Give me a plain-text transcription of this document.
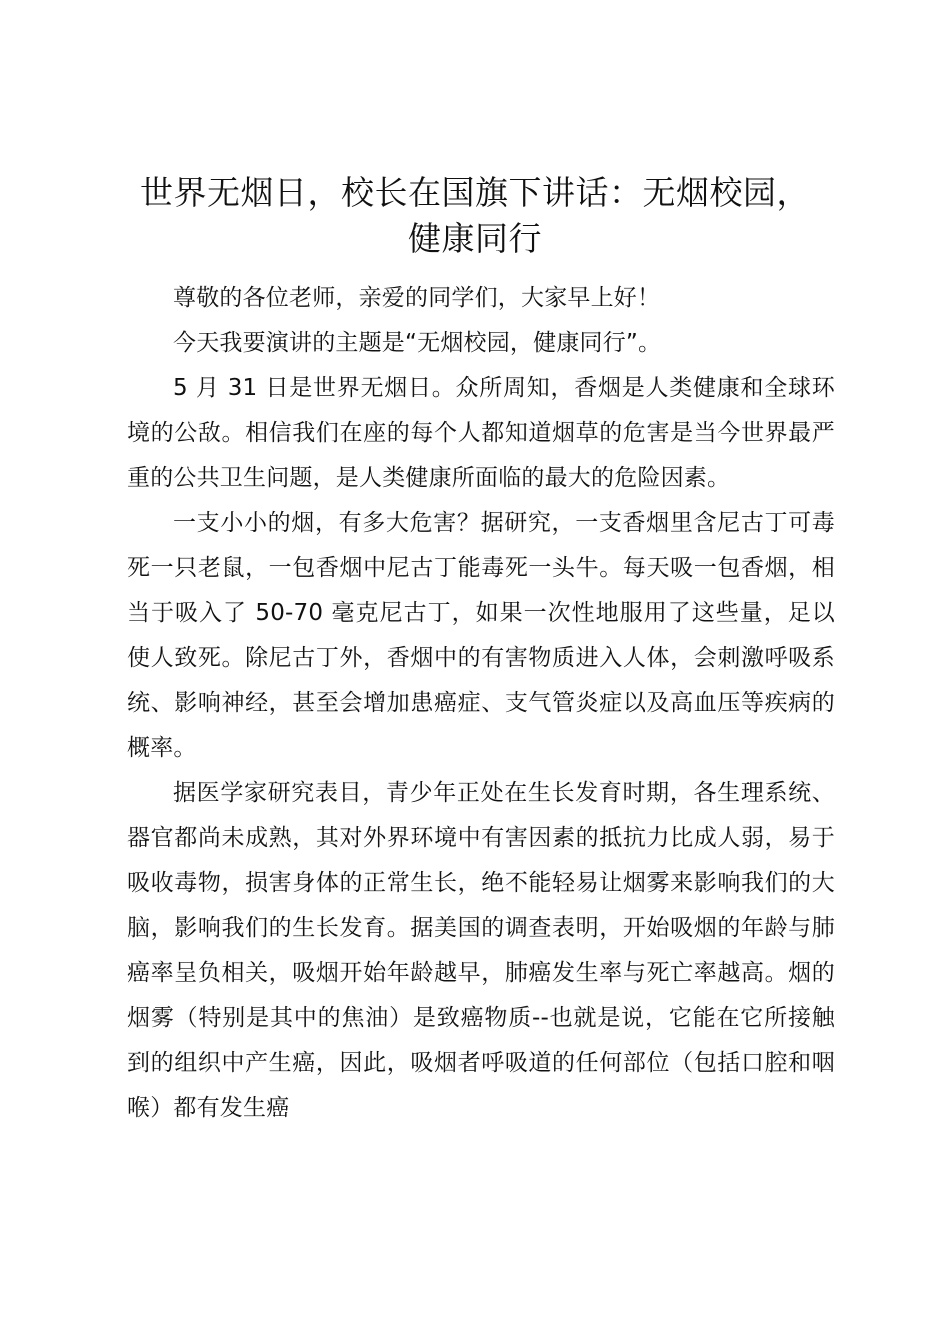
世界无烟日，校长在国旗下讲话：无烟校园，
健康同行

尊敬的各位老师，亲爱的同学们，大家早上好！

今天我要演讲的主题是“无烟校园，健康同行”。

5 月 31 日是世界无烟日。众所周知，香烟是人类健康和全球环境的公敌。相信我们在座的每个人都知道烟草的危害是当今世界最严重的公共卫生问题，是人类健康所面临的最大的危险因素。

一支小小的烟，有多大危害？据研究，一支香烟里含尼古丁可毒死一只老鼠，一包香烟中尼古丁能毒死一头牛。每天吸一包香烟，相当于吸入了 50-70 毫克尼古丁，如果一次性地服用了这些量，足以使人致死。除尼古丁外，香烟中的有害物质进入人体，会刺激呼吸系统、影响神经，甚至会增加患癌症、支气管炎症以及高血压等疾病的概率。

据医学家研究表目，青少年正处在生长发育时期，各生理系统、器官都尚未成熟，其对外界环境中有害因素的抵抗力比成人弱，易于吸收毒物，损害身体的正常生长，绝不能轻易让烟雾来影响我们的大脑，影响我们的生长发育。据美国的调查表明，开始吸烟的年龄与肺癌率呈负相关，吸烟开始年龄越早，肺癌发生率与死亡率越高。烟的烟雾（特别是其中的焦油）是致癌物质--也就是说，它能在它所接触到的组织中产生癌，因此，吸烟者呼吸道的任何部位（包括口腔和咽喉）都有发生癌
